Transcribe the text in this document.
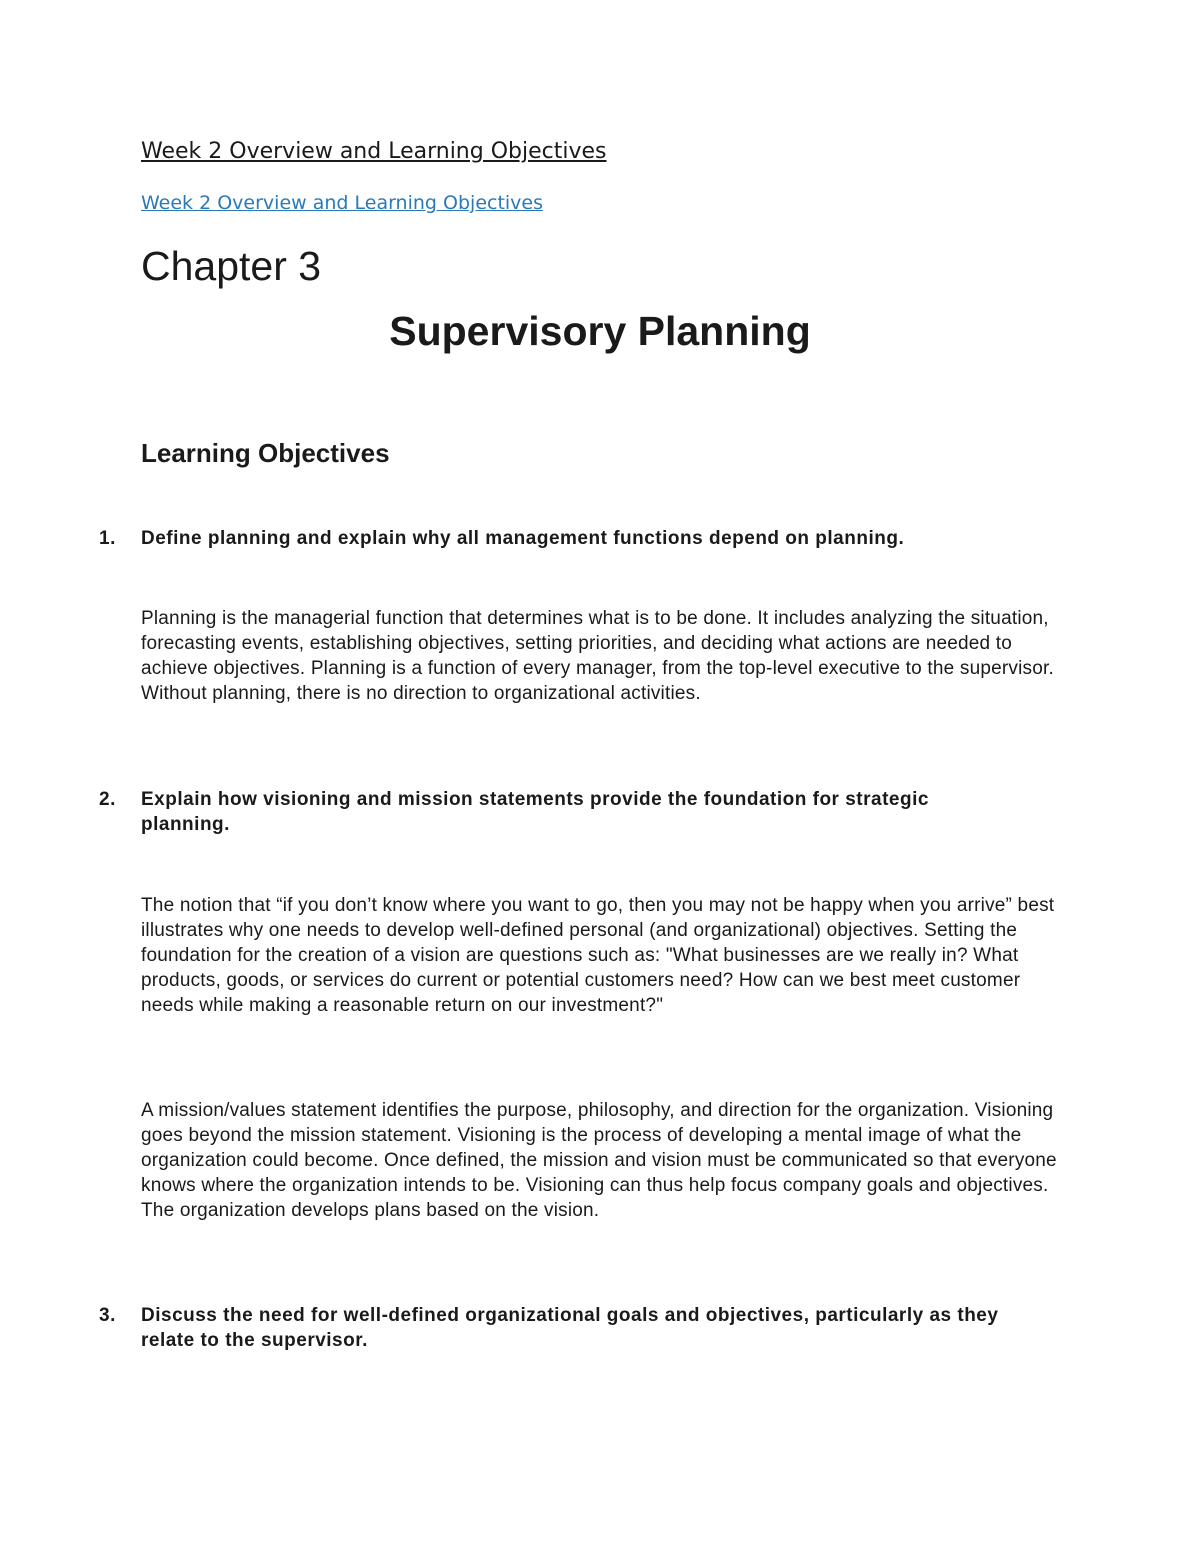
Week 2 Overview and Learning Objectives
Week 2 Overview and Learning Objectives
Chapter 3
Supervisory Planning
Learning Objectives
1. Define planning and explain why all management functions depend on planning.
Planning is the managerial function that determines what is to be done. It includes analyzing the situation, forecasting events, establishing objectives, setting priorities, and deciding what actions are needed to achieve objectives. Planning is a function of every manager, from the top-level executive to the supervisor. Without planning, there is no direction to organizational activities.
2. Explain how visioning and mission statements provide the foundation for strategic planning.
The notion that “if you don’t know where you want to go, then you may not be happy when you arrive” best illustrates why one needs to develop well-defined personal (and organizational) objectives. Setting the foundation for the creation of a vision are questions such as: "What businesses are we really in? What products, goods, or services do current or potential customers need? How can we best meet customer needs while making a reasonable return on our investment?"
A mission/values statement identifies the purpose, philosophy, and direction for the organization. Visioning goes beyond the mission statement. Visioning is the process of developing a mental image of what the organization could become. Once defined, the mission and vision must be communicated so that everyone knows where the organization intends to be. Visioning can thus help focus company goals and objectives. The organization develops plans based on the vision.
3. Discuss the need for well-defined organizational goals and objectives, particularly as they relate to the supervisor.
